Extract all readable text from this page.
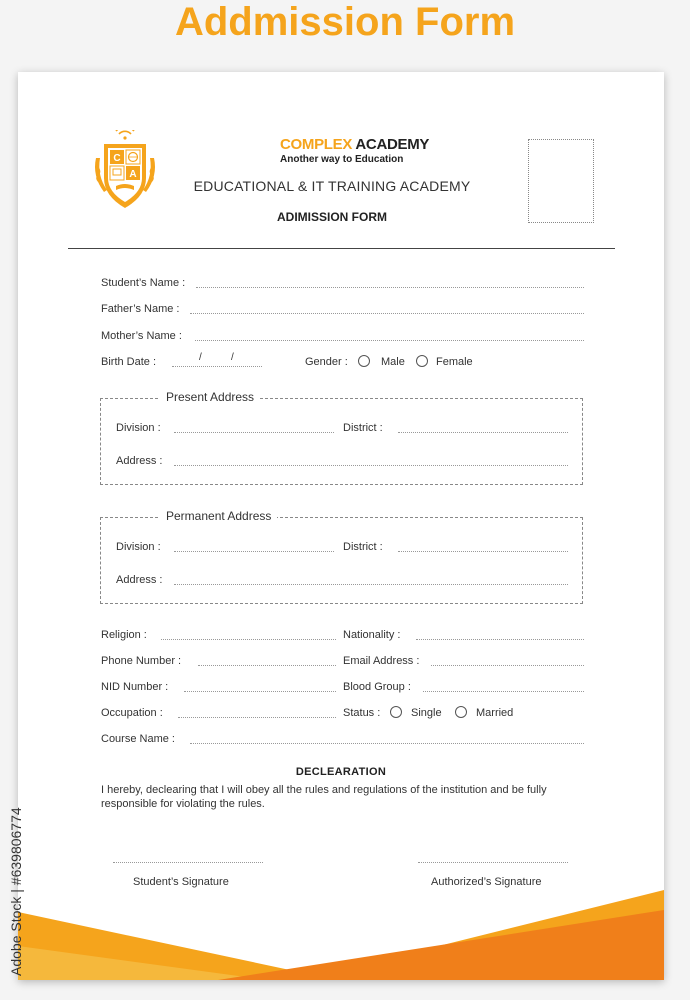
Addmission Form
C
A
COMPLEX ACADEMY
Another way to Education
EDUCATIONAL & IT TRAINING ACADEMY
ADIMISSION FORM
Student’s Name :
Father’s Name :
Mother’s Name :
Birth Date :	/	/	Gender :	Male	Female
Present Address
Division :	District :
Address :
Permanent Address
Division :	District :
Address :
Religion :	Nationality :
Phone Number :	Email Address :
NID Number :	Blood Group :
Occupation :	Status :	Single	Married
Course Name :
DECLEARATION
I hereby, declearing that I will obey all the rules and regulations of the institution and be fully responsible for violating the rules.
Student’s Signature	Authorized’s Signature
Adobe Stock | #639806774
